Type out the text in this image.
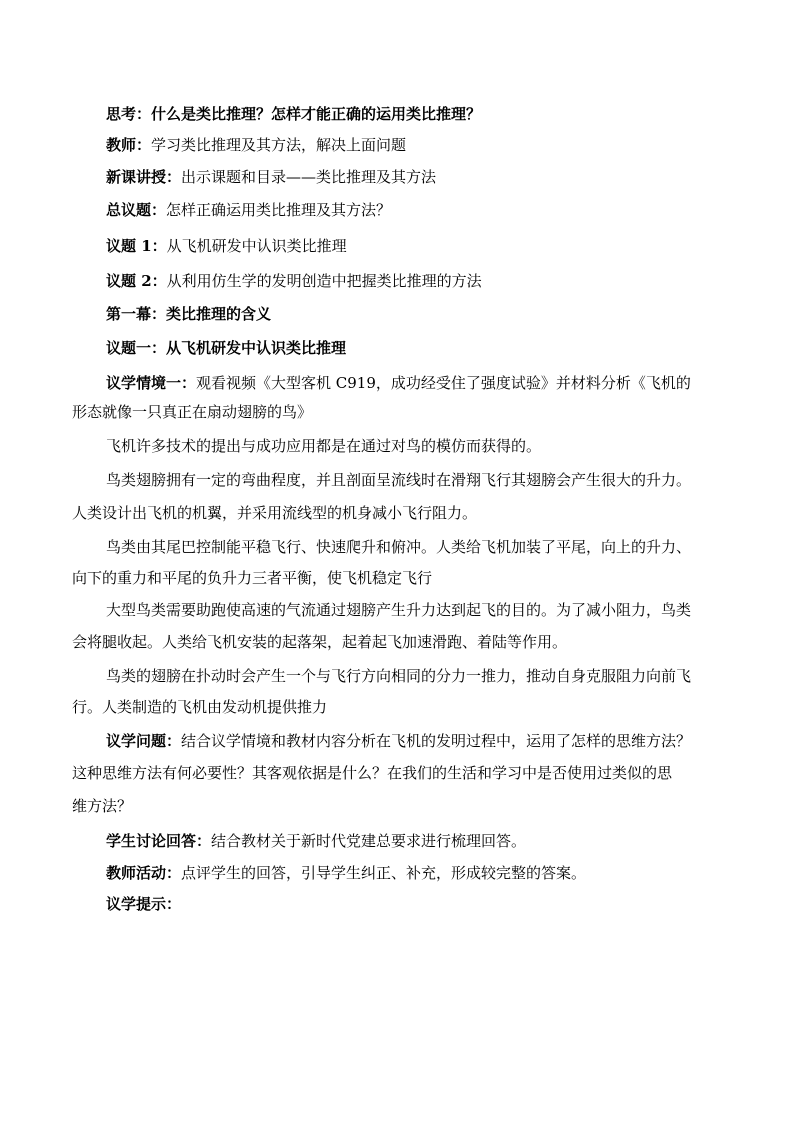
思考：什么是类比推理？怎样才能正确的运用类比推理？
教师：学习类比推理及其方法，解决上面问题
新课讲授：出示课题和目录——类比推理及其方法
总议题：怎样正确运用类比推理及其方法？
议题 1：从飞机研发中认识类比推理
议题 2：从利用仿生学的发明创造中把握类比推理的方法
第一幕：类比推理的含义
议题一：从飞机研发中认识类比推理
议学情境一：观看视频《大型客机 C919，成功经受住了强度试验》并材料分析《飞机的
形态就像一只真正在扇动翅膀的鸟》
飞机许多技术的提出与成功应用都是在通过对鸟的模仿而获得的。
鸟类翅膀拥有一定的弯曲程度，并且剖面呈流线时在滑翔飞行其翅膀会产生很大的升力。
人类设计出飞机的机翼，并采用流线型的机身减小飞行阻力。
鸟类由其尾巴控制能平稳飞行、快速爬升和俯冲。人类给飞机加装了平尾，向上的升力、
向下的重力和平尾的负升力三者平衡，使飞机稳定飞行
大型鸟类需要助跑使高速的气流通过翅膀产生升力达到起飞的目的。为了减小阻力，鸟类
会将腿收起。人类给飞机安装的起落架，起着起飞加速滑跑、着陆等作用。
鸟类的翅膀在扑动时会产生一个与飞行方向相同的分力一推力，推动自身克服阻力向前飞
行。人类制造的飞机由发动机提供推力
议学问题：结合议学情境和教材内容分析在飞机的发明过程中，运用了怎样的思维方法？
这种思维方法有何必要性？其客观依据是什么？在我们的生活和学习中是否使用过类似的思
维方法？
学生讨论回答：结合教材关于新时代党建总要求进行梳理回答。
教师活动：点评学生的回答，引导学生纠正、补充，形成较完整的答案。
议学提示：
